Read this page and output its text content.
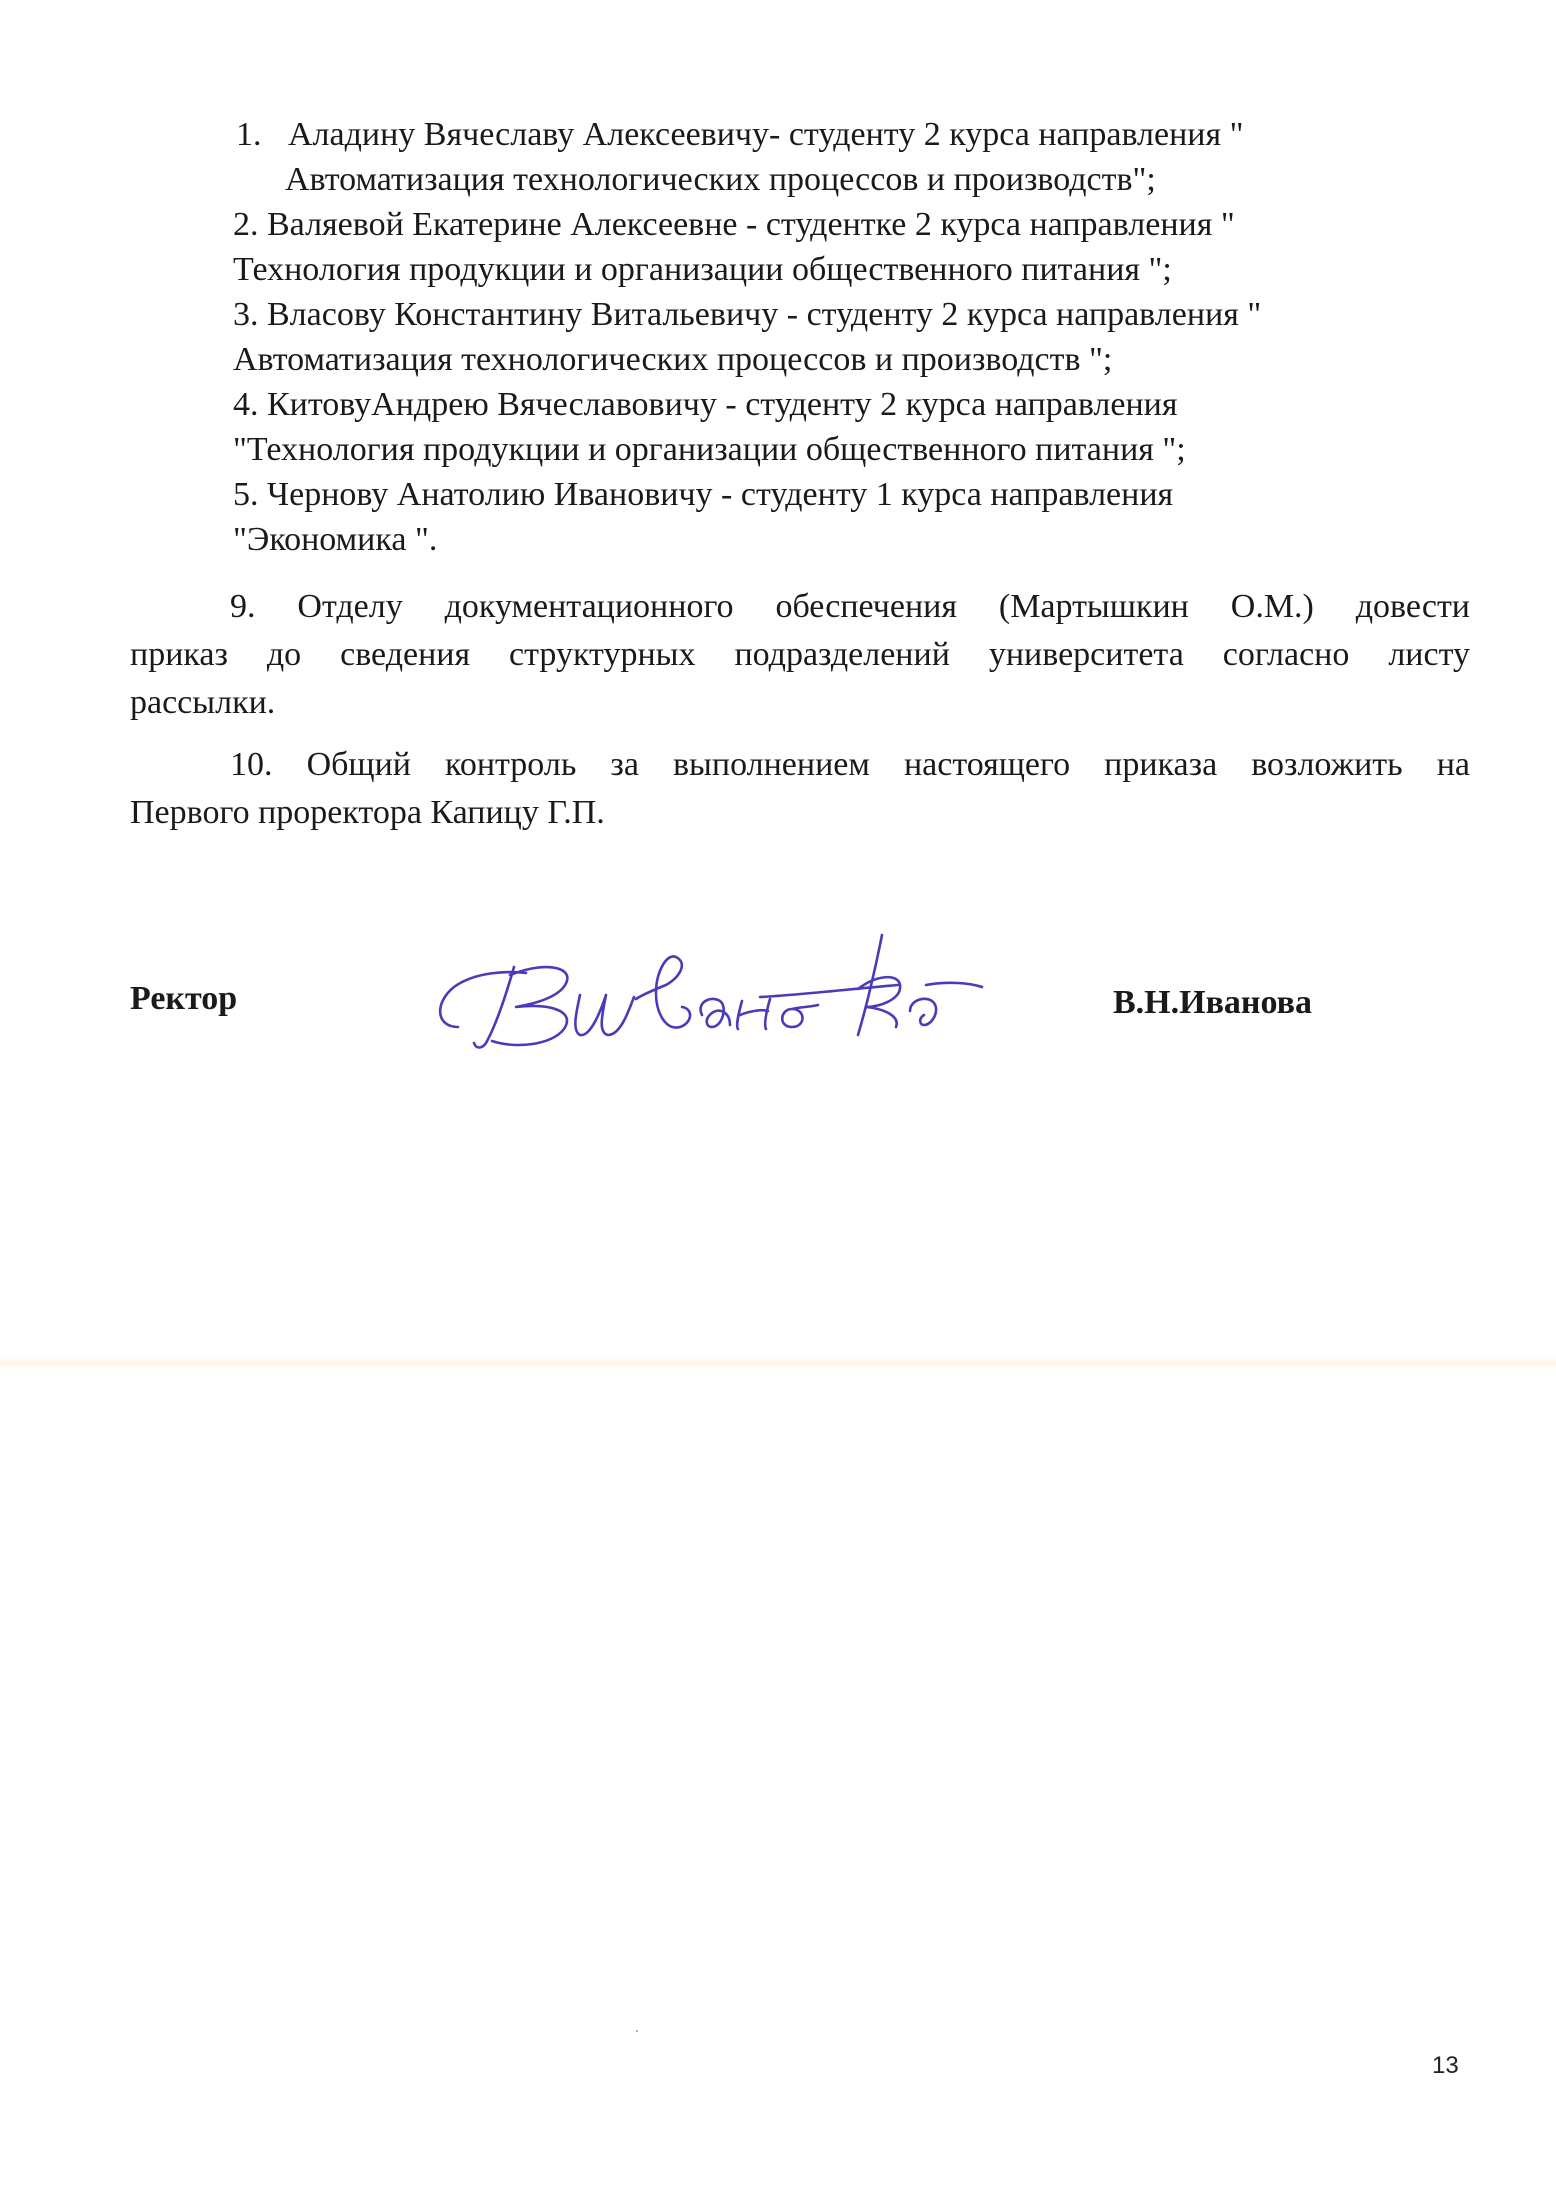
1. Аладину Вячеславу Алексеевичу- студенту 2 курса направления "
Автоматизация технологических процессов и производств";
2. Валяевой Екатерине Алексеевне - студентке 2 курса направления "
Технология продукции и организации общественного питания ";
3. Власову Константину Витальевичу - студенту 2 курса направления "
Автоматизация технологических процессов и производств ";
4. КитовуАндрею Вячеславовичу - студенту 2 курса направления
"Технология продукции и организации общественного питания ";
5. Чернову Анатолию Ивановичу - студенту 1 курса направления
"Экономика ".
9. Отделу документационного обеспечения (Мартышкин О.М.) довести
приказ до сведения структурных подразделений университета согласно листу
рассылки.
10. Общий контроль за выполнением настоящего приказа возложить на
Первого проректора Капицу Г.П.
Ректор	В.Н.Иванова
13
